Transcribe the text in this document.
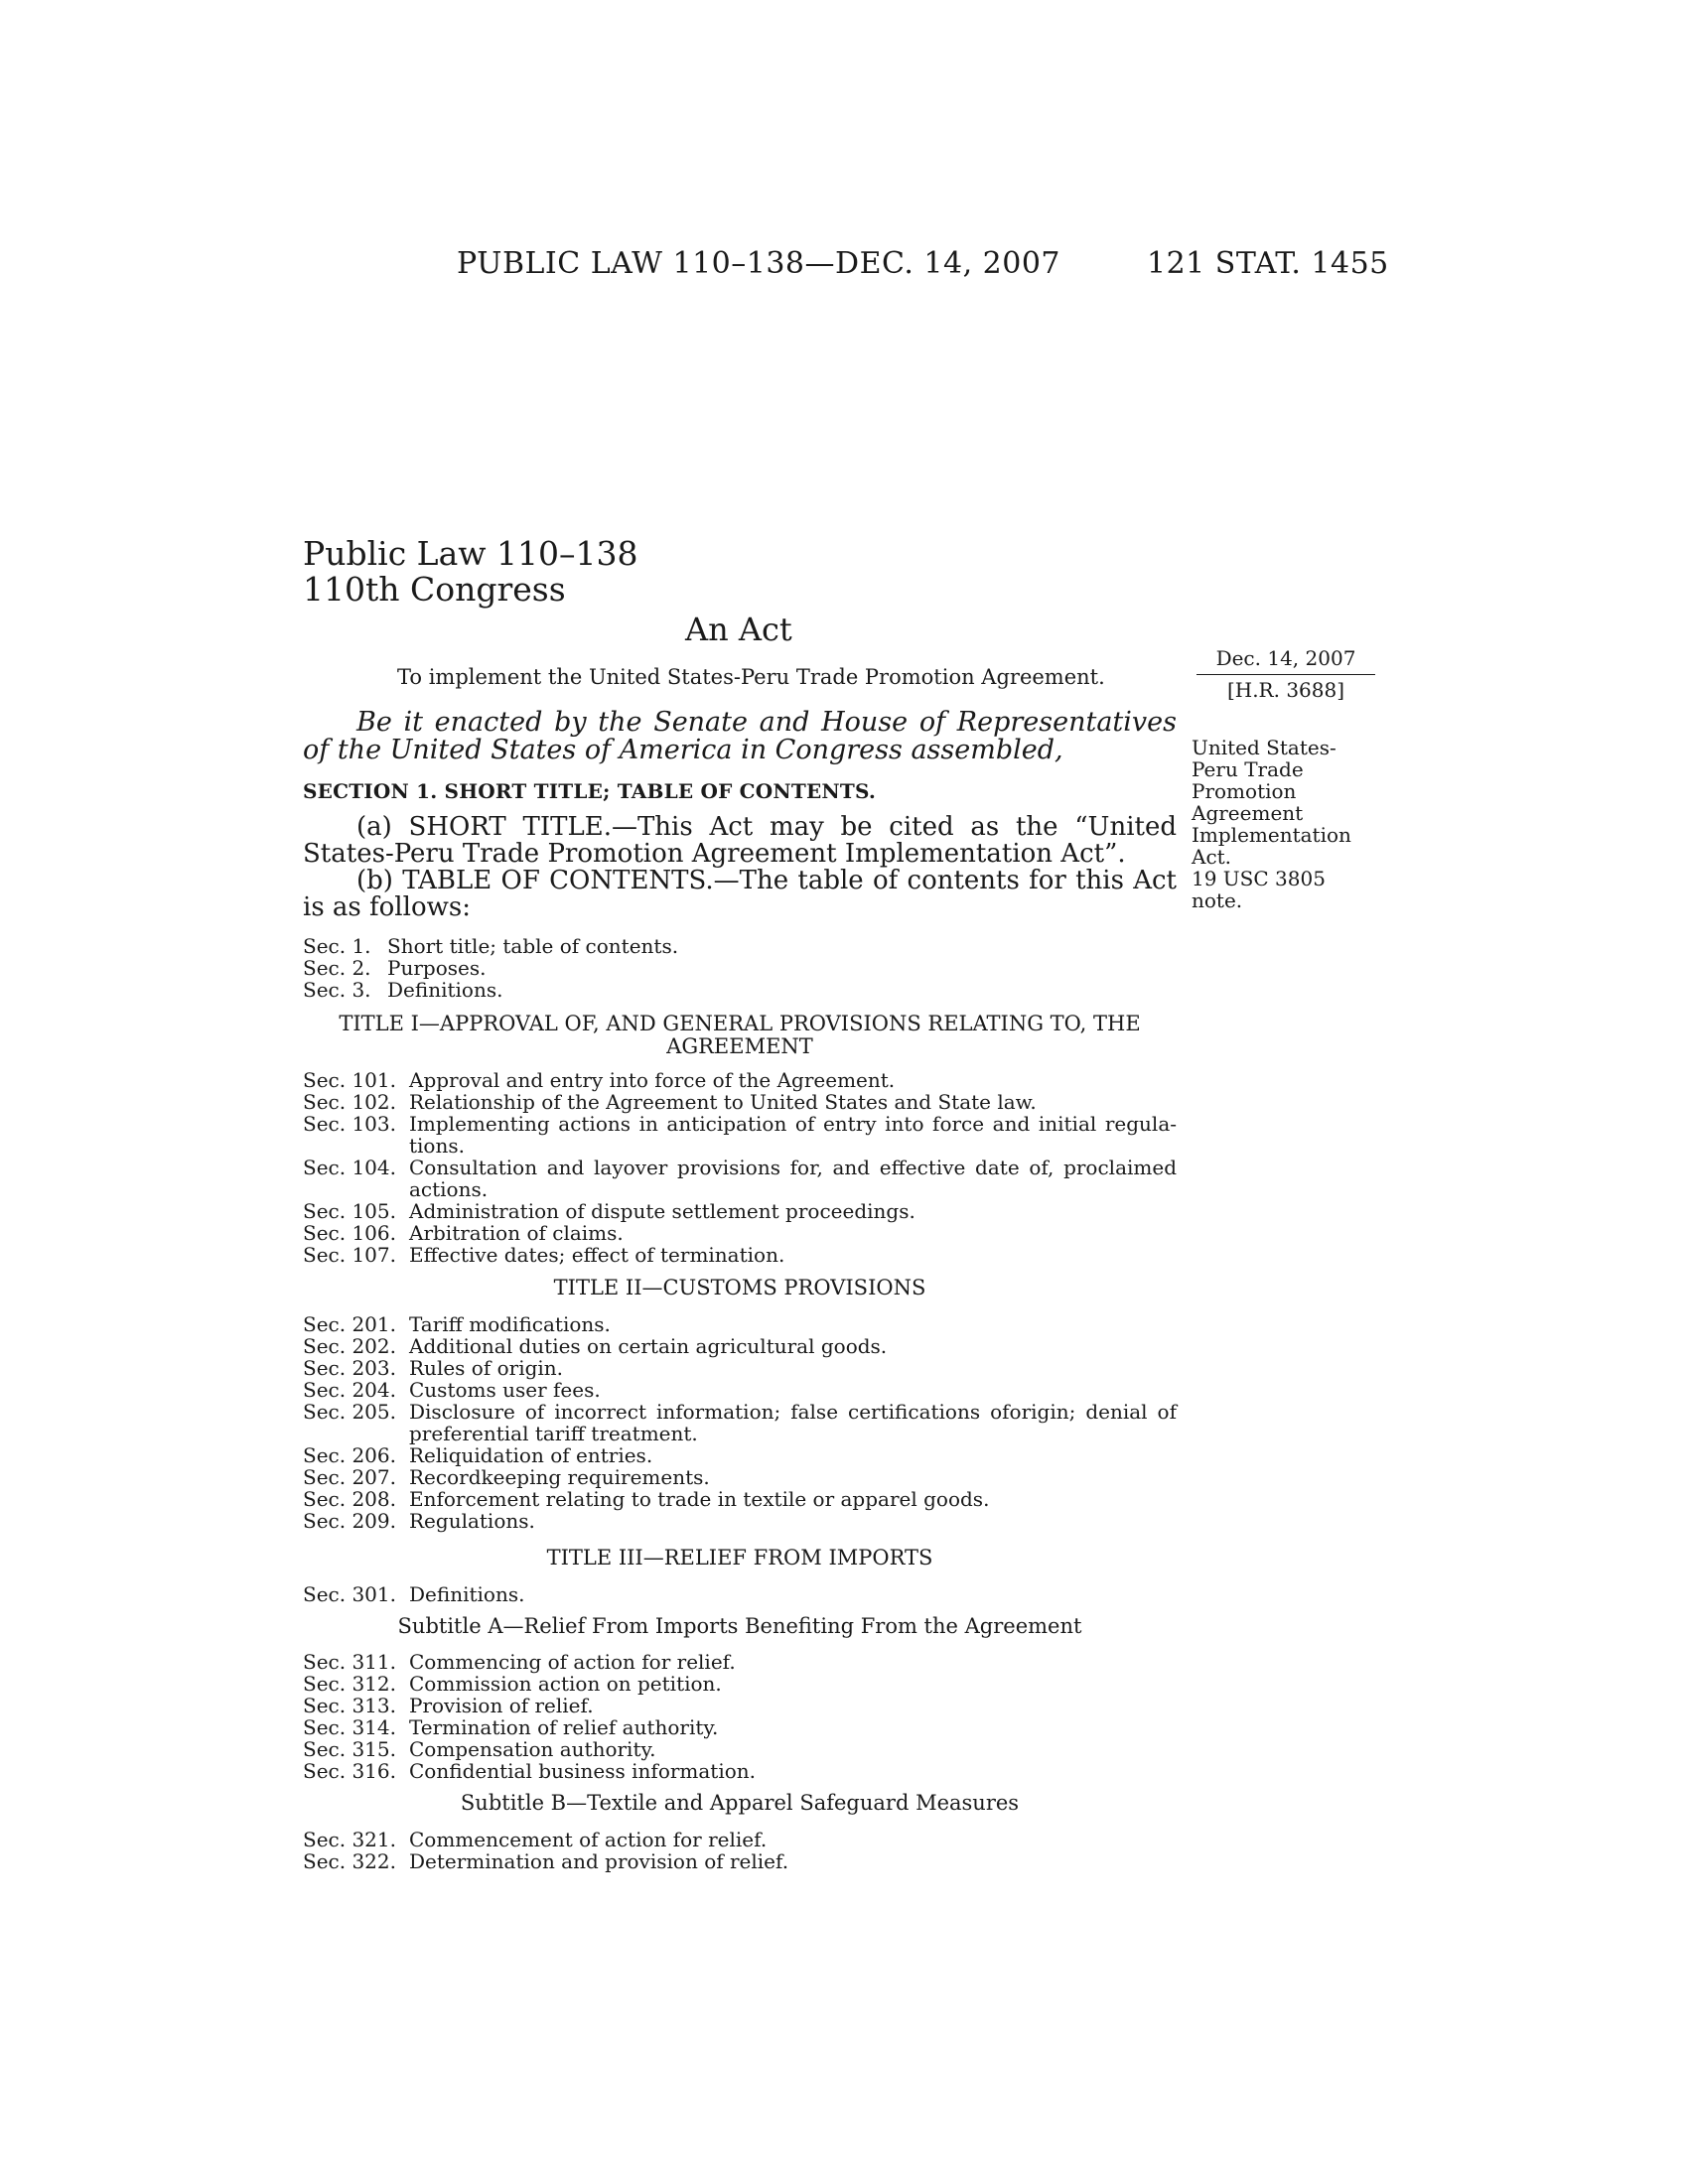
PUBLIC LAW 110–138—DEC. 14, 2007	121 STAT. 1455
Public Law 110–138
110th Congress
An Act
To implement the United States-Peru Trade Promotion Agreement.
Dec. 14, 2007
[H.R. 3688]
United States-
Peru Trade
Promotion
Agreement
Implementation
Act.
19 USC 3805
note.
Be it enacted by the Senate and House of Representatives of the United States of America in Congress assembled,
SECTION 1. SHORT TITLE; TABLE OF CONTENTS.
(a) SHORT TITLE.—This Act may be cited as the “United States-Peru Trade Promotion Agreement Implementation Act”.
(b) TABLE OF CONTENTS.—The table of contents for this Act is as follows:
Sec. 1. Short title; table of contents.
Sec. 2. Purposes.
Sec. 3. Definitions.
TITLE I—APPROVAL OF, AND GENERAL PROVISIONS RELATING TO, THE
AGREEMENT
Sec. 101. Approval and entry into force of the Agreement.
Sec. 102. Relationship of the Agreement to United States and State law.
Sec. 103. Implementing actions in anticipation of entry into force and initial regula-tions.
Sec. 104. Consultation and layover provisions for, and effective date of, proclaimed actions.
Sec. 105. Administration of dispute settlement proceedings.
Sec. 106. Arbitration of claims.
Sec. 107. Effective dates; effect of termination.
TITLE II—CUSTOMS PROVISIONS
Sec. 201. Tariff modifications.
Sec. 202. Additional duties on certain agricultural goods.
Sec. 203. Rules of origin.
Sec. 204. Customs user fees.
Sec. 205. Disclosure of incorrect information; false certifications oforigin; denial of preferential tariff treatment.
Sec. 206. Reliquidation of entries.
Sec. 207. Recordkeeping requirements.
Sec. 208. Enforcement relating to trade in textile or apparel goods.
Sec. 209. Regulations.
TITLE III—RELIEF FROM IMPORTS
Sec. 301. Definitions.
Subtitle A—Relief From Imports Benefiting From the Agreement
Sec. 311. Commencing of action for relief.
Sec. 312. Commission action on petition.
Sec. 313. Provision of relief.
Sec. 314. Termination of relief authority.
Sec. 315. Compensation authority.
Sec. 316. Confidential business information.
Subtitle B—Textile and Apparel Safeguard Measures
Sec. 321. Commencement of action for relief.
Sec. 322. Determination and provision of relief.
